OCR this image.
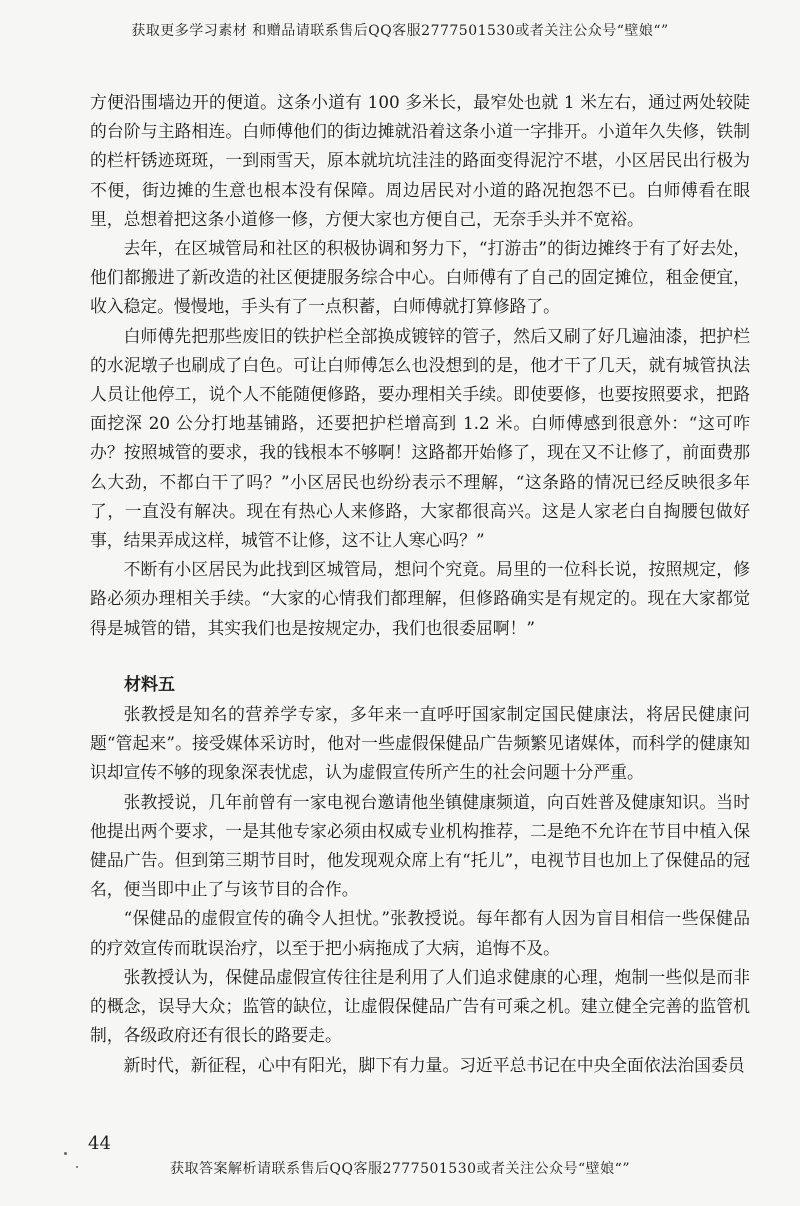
获取更多学习素材 和赠品请联系售后QQ客服2777501530或者关注公众号“壁娘“”

方便沿围墙边开的便道。这条小道有 100 多米长，最窄处也就 1 米左右，通过两处较陡的台阶与主路相连。白师傅他们的街边摊就沿着这条小道一字排开。小道年久失修，铁制的栏杆锈迹斑斑，一到雨雪天，原本就坑坑洼洼的路面变得泥泞不堪，小区居民出行极为不便，街边摊的生意也根本没有保障。周边居民对小道的路况抱怨不已。白师傅看在眼里，总想着把这条小道修一修，方便大家也方便自己，无奈手头并不宽裕。

去年，在区城管局和社区的积极协调和努力下，“打游击”的街边摊终于有了好去处，他们都搬进了新改造的社区便捷服务综合中心。白师傅有了自己的固定摊位，租金便宜，收入稳定。慢慢地，手头有了一点积蓄，白师傅就打算修路了。

白师傅先把那些废旧的铁护栏全部换成镀锌的管子，然后又刷了好几遍油漆，把护栏的水泥墩子也刷成了白色。可让白师傅怎么也没想到的是，他才干了几天，就有城管执法人员让他停工，说个人不能随便修路，要办理相关手续。即使要修，也要按照要求，把路面挖深 20 公分打地基铺路，还要把护栏增高到 1.2 米。白师傅感到很意外：“这可咋办？按照城管的要求，我的钱根本不够啊！这路都开始修了，现在又不让修了，前面费那么大劲，不都白干了吗？”小区居民也纷纷表示不理解，“这条路的情况已经反映很多年了，一直没有解决。现在有热心人来修路，大家都很高兴。这是人家老白自掏腰包做好事，结果弄成这样，城管不让修，这不让人寒心吗？”

不断有小区居民为此找到区城管局，想问个究竟。局里的一位科长说，按照规定，修路必须办理相关手续。“大家的心情我们都理解，但修路确实是有规定的。现在大家都觉得是城管的错，其实我们也是按规定办，我们也很委屈啊！”

材料五

张教授是知名的营养学专家，多年来一直呼吁国家制定国民健康法，将居民健康问题“管起来”。接受媒体采访时，他对一些虚假保健品广告频繁见诸媒体，而科学的健康知识却宣传不够的现象深表忧虑，认为虚假宣传所产生的社会问题十分严重。

张教授说，几年前曾有一家电视台邀请他坐镇健康频道，向百姓普及健康知识。当时他提出两个要求，一是其他专家必须由权威专业机构推荐，二是绝不允许在节目中植入保健品广告。但到第三期节目时，他发现观众席上有“托儿”，电视节目也加上了保健品的冠名，便当即中止了与该节目的合作。

“保健品的虚假宣传的确令人担忧。”张教授说。每年都有人因为盲目相信一些保健品的疗效宣传而耽误治疗，以至于把小病拖成了大病，追悔不及。

张教授认为，保健品虚假宣传往往是利用了人们追求健康的心理，炮制一些似是而非的概念，误导大众；监管的缺位，让虚假保健品广告有可乘之机。建立健全完善的监管机制，各级政府还有很长的路要走。

新时代，新征程，心中有阳光，脚下有力量。习近平总书记在中央全面依法治国委员

44
获取答案解析请联系售后QQ客服2777501530或者关注公众号“壁娘“”
